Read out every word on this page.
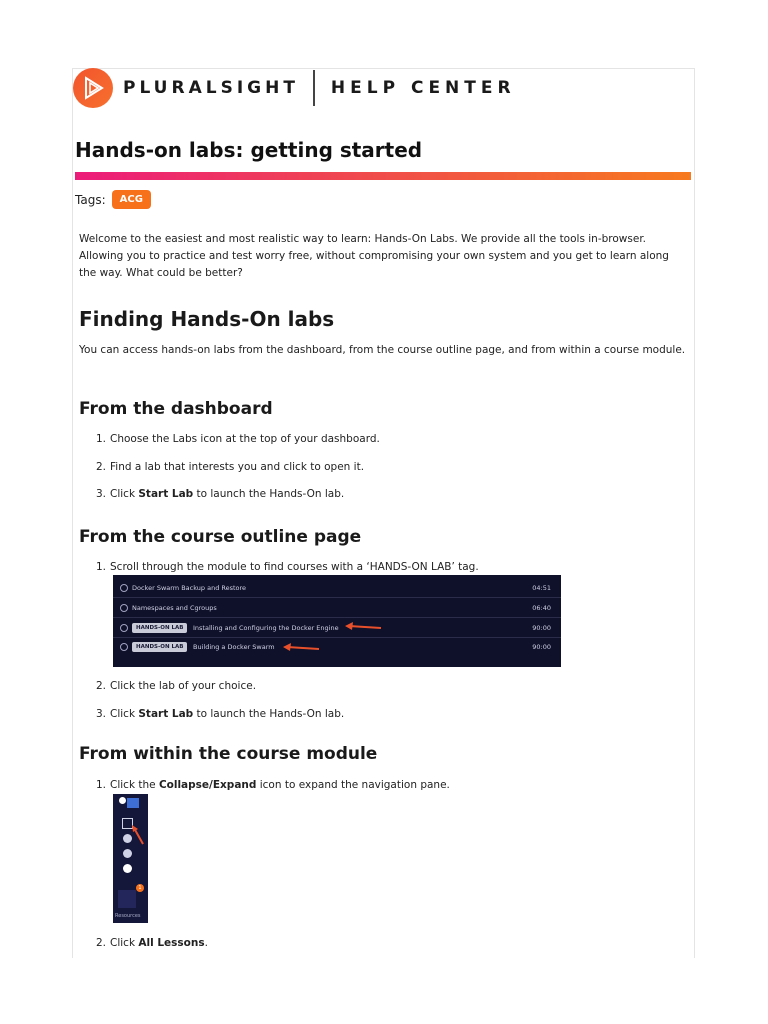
PLURALSIGHT HELP CENTER
Hands-on labs: getting started
Tags:	ACG

Welcome to the easiest and most realistic way to learn: Hands-On Labs. We provide all the tools in-browser. Allowing you to practice and test worry free, without compromising your own system and you get to learn along the way. What could be better?

Finding Hands-On labs

You can access hands-on labs from the dashboard, from the course outline page, and from within a course module.

From the dashboard
1. Choose the Labs icon at the top of your dashboard.
2. Find a lab that interests you and click to open it.
3. Click Start Lab to launch the Hands-On lab.
From the course outline page
1. Scroll through the module to find courses with a ‘HANDS-ON LAB’ tag.
Docker Swarm Backup and Restore	04:51
Namespaces and Cgroups	06:40
HANDS-ON LAB	Installing and Configuring the Docker Engine	90:00
HANDS-ON LAB	Building a Docker Swarm	90:00
2. Click the lab of your choice.
3. Click Start Lab to launch the Hands-On lab.
From within the course module
1. Click the Collapse/Expand icon to expand the navigation pane.
1
Resources
2. Click All Lessons.
